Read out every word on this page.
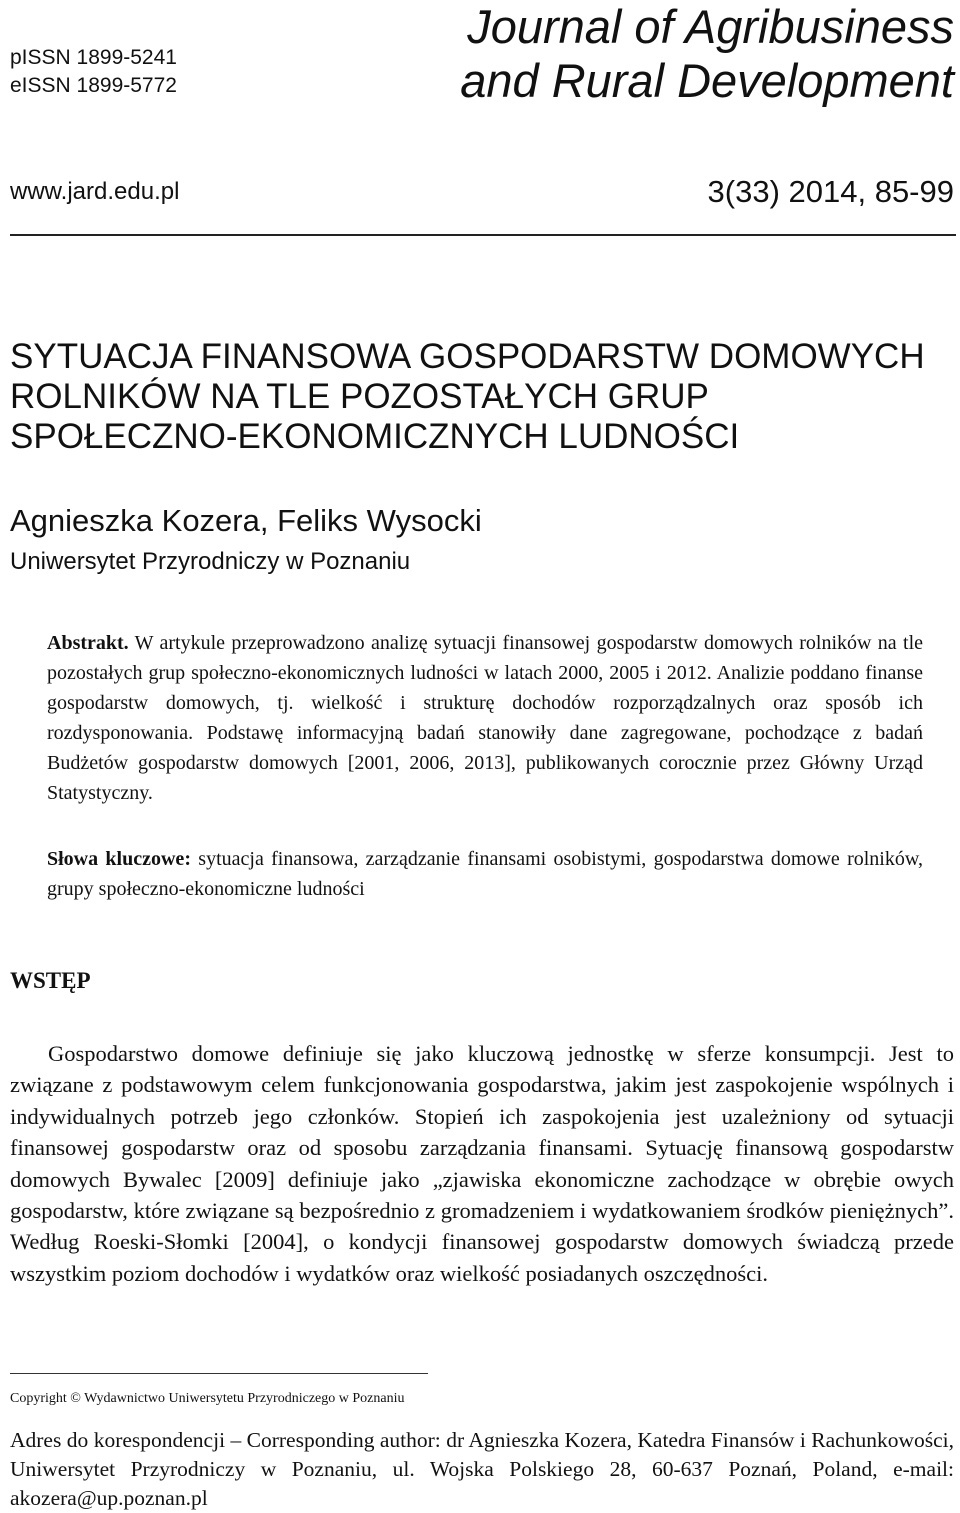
pISSN 1899-5241
eISSN 1899-5772
Journal of Agribusiness
and Rural Development
www.jard.edu.pl	3(33) 2014, 85-99
SYTUACJA FINANSOWA GOSPODARSTW DOMOWYCH
ROLNIKÓW NA TLE POZOSTAŁYCH GRUP
SPOŁECZNO-EKONOMICZNYCH LUDNOŚCI
Agnieszka Kozera, Feliks Wysocki
Uniwersytet Przyrodniczy w Poznaniu
Abstrakt. W artykule przeprowadzono analizę sytuacji finansowej gospodarstw domowych rolników na tle pozostałych grup społeczno-ekonomicznych ludności w latach 2000, 2005 i 2012. Analizie poddano finanse gospodarstw domowych, tj. wielkość i strukturę dochodów rozporządzalnych oraz sposób ich rozdysponowania. Podstawę informacyjną badań stanowiły dane zagregowane, pochodzące z badań Budżetów gospodarstw domowych [2001, 2006, 2013], publikowanych corocznie przez Główny Urząd Statystyczny.
Słowa kluczowe: sytuacja finansowa, zarządzanie finansami osobistymi, gospodarstwa domowe rolników, grupy społeczno-ekonomiczne ludności
WSTĘP
Gospodarstwo domowe definiuje się jako kluczową jednostkę w sferze konsumpcji. Jest to związane z podstawowym celem funkcjonowania gospodarstwa, jakim jest zaspokojenie wspólnych i indywidualnych potrzeb jego członków. Stopień ich zaspokojenia jest uzależniony od sytuacji finansowej gospodarstw oraz od sposobu zarządzania finansami. Sytuację finansową gospodarstw domowych Bywalec [2009] definiuje jako „zjawiska ekonomiczne zachodzące w obrębie owych gospodarstw, które związane są bezpośrednio z gromadzeniem i wydatkowaniem środków pieniężnych”. Według Roeski-Słomki [2004], o kondycji finansowej gospodarstw domowych świadczą przede wszystkim poziom dochodów i wydatków oraz wielkość posiadanych oszczędności.
Copyright © Wydawnictwo Uniwersytetu Przyrodniczego w Poznaniu
Adres do korespondencji – Corresponding author: dr Agnieszka Kozera, Katedra Finansów i Rachunkowości, Uniwersytet Przyrodniczy w Poznaniu, ul. Wojska Polskiego 28, 60-637 Poznań, Poland, e-mail: akozera@up.poznan.pl
